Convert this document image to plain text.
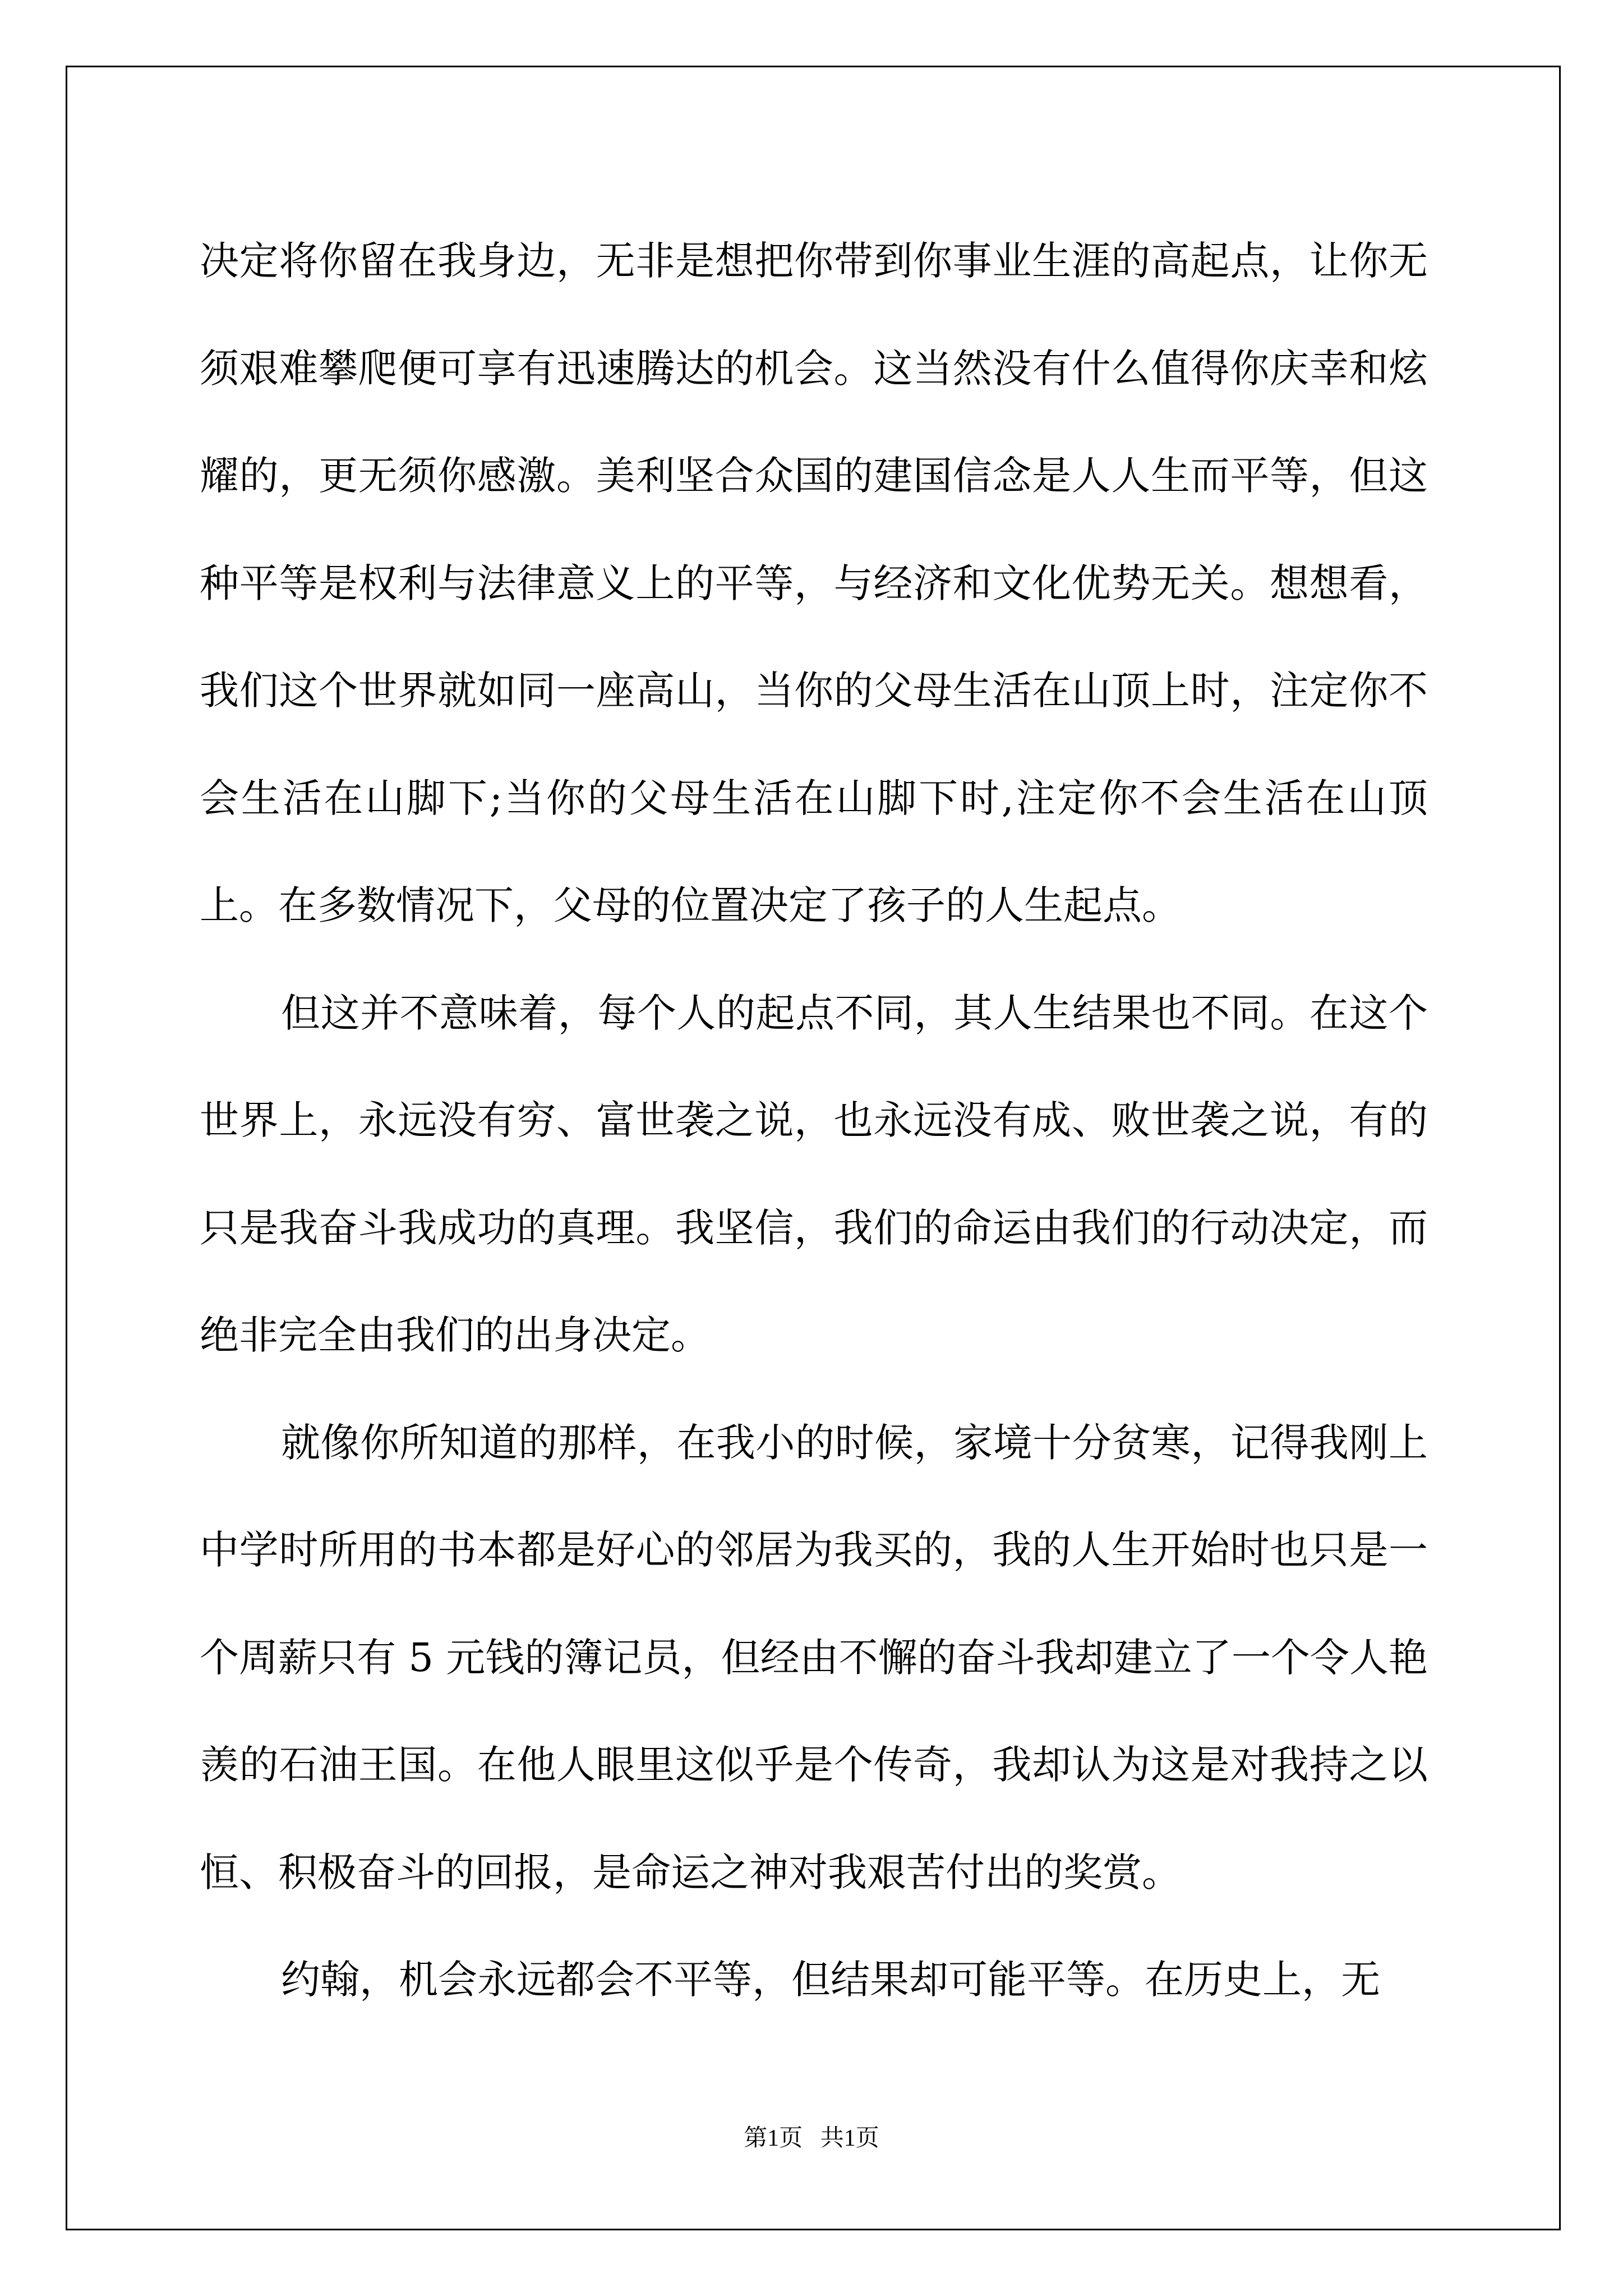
决定将你留在我身边，无非是想把你带到你事业生涯的高起点，让你无须艰难攀爬便可享有迅速腾达的机会。这当然没有什么值得你庆幸和炫耀的，更无须你感激。美利坚合众国的建国信念是人人生而平等，但这种平等是权利与法律意义上的平等，与经济和文化优势无关。想想看，我们这个世界就如同一座高山，当你的父母生活在山顶上时，注定你不会生活在山脚下;当你的父母生活在山脚下时,注定你不会生活在山顶上。在多数情况下，父母的位置决定了孩子的人生起点。

但这并不意味着，每个人的起点不同，其人生结果也不同。在这个世界上，永远没有穷、富世袭之说，也永远没有成、败世袭之说，有的只是我奋斗我成功的真理。我坚信，我们的命运由我们的行动决定，而绝非完全由我们的出身决定。

就像你所知道的那样，在我小的时候，家境十分贫寒，记得我刚上中学时所用的书本都是好心的邻居为我买的，我的人生开始时也只是一个周薪只有 5 元钱的簿记员，但经由不懈的奋斗我却建立了一个令人艳羡的石油王国。在他人眼里这似乎是个传奇，我却认为这是对我持之以恒、积极奋斗的回报，是命运之神对我艰苦付出的奖赏。

约翰，机会永远都会不平等，但结果却可能平等。在历史上，无

第1页   共1页
